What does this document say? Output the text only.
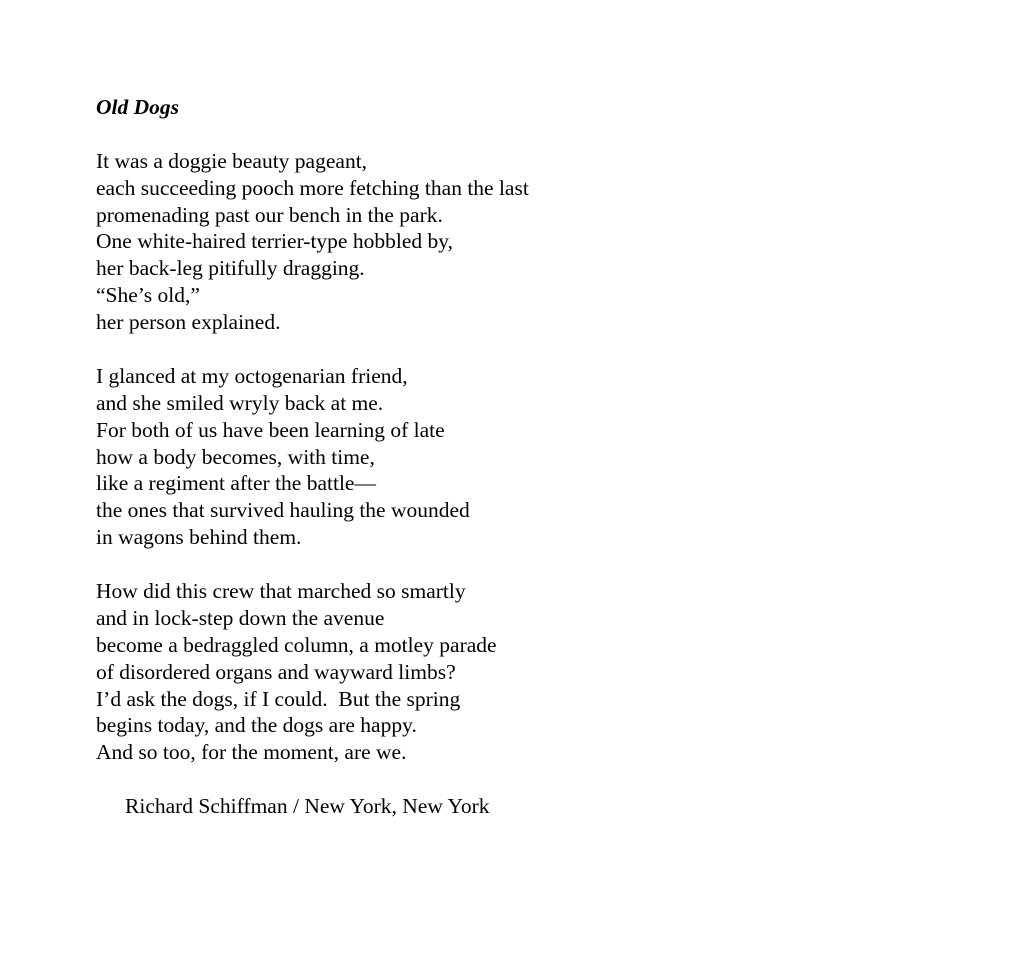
Old Dogs
It was a doggie beauty pageant,
each succeeding pooch more fetching than the last
promenading past our bench in the park.
One white-haired terrier-type hobbled by,
her back-leg pitifully dragging.
“She’s old,”
her person explained.
I glanced at my octogenarian friend,
and she smiled wryly back at me.
For both of us have been learning of late
how a body becomes, with time,
like a regiment after the battle—
the ones that survived hauling the wounded
in wagons behind them.
How did this crew that marched so smartly
and in lock-step down the avenue
become a bedraggled column, a motley parade
of disordered organs and wayward limbs?
I’d ask the dogs, if I could.  But the spring
begins today, and the dogs are happy.
And so too, for the moment, are we.
Richard Schiffman / New York, New York
